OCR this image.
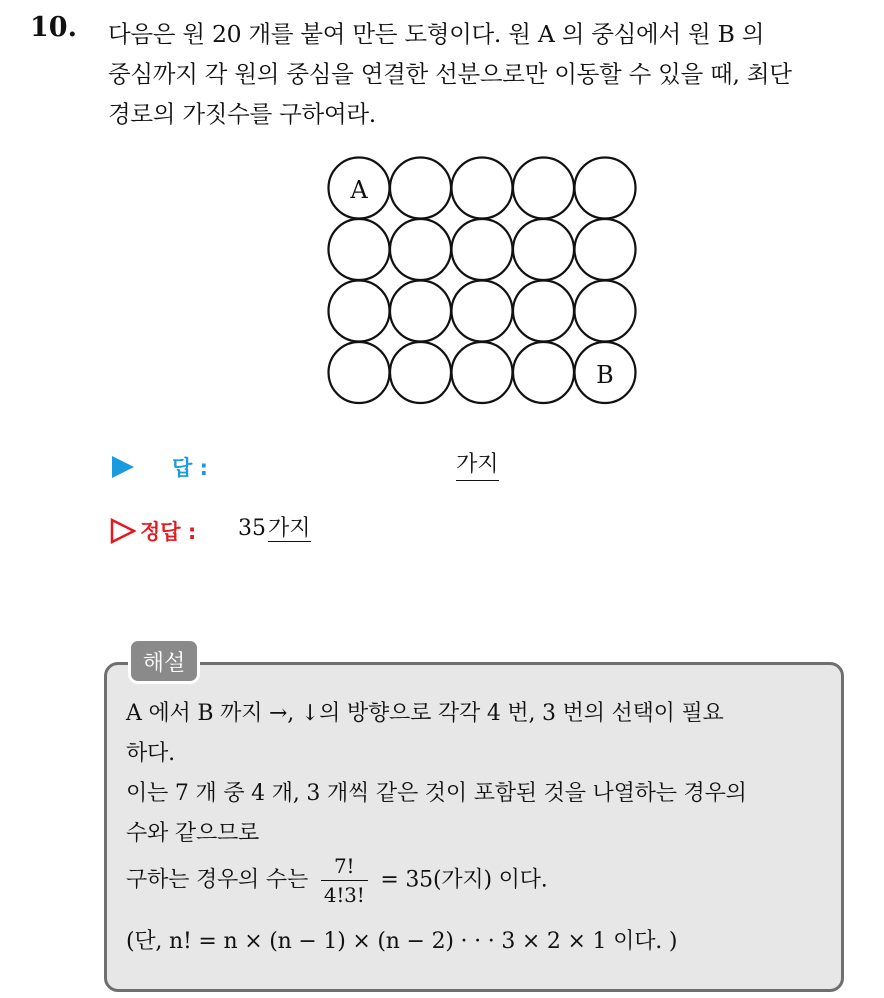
10. 다음은 원 20 개를 붙여 만든 도형이다. 원 A 의 중심에서 원 B 의
중심까지 각 원의 중심을 연결한 선분으로만 이동할 수 있을 때, 최단
경로의 가짓수를 구하여라.
A
B
답 :	가지
정답 : 35가지
해설
A 에서 B 까지 →, ↓의 방향으로 각각 4 번, 3 번의 선택이 필요
하다.
이는 7 개 중 4 개, 3 개씩 같은 것이 포함된 것을 나열하는 경우의
수와 같으므로
구하는 경우의 수는 $\frac{7!}{4!3!} = 35$(가지) 이다.
(단, n! = n × (n − 1) × (n − 2) · · · 3 × 2 × 1 이다. )
